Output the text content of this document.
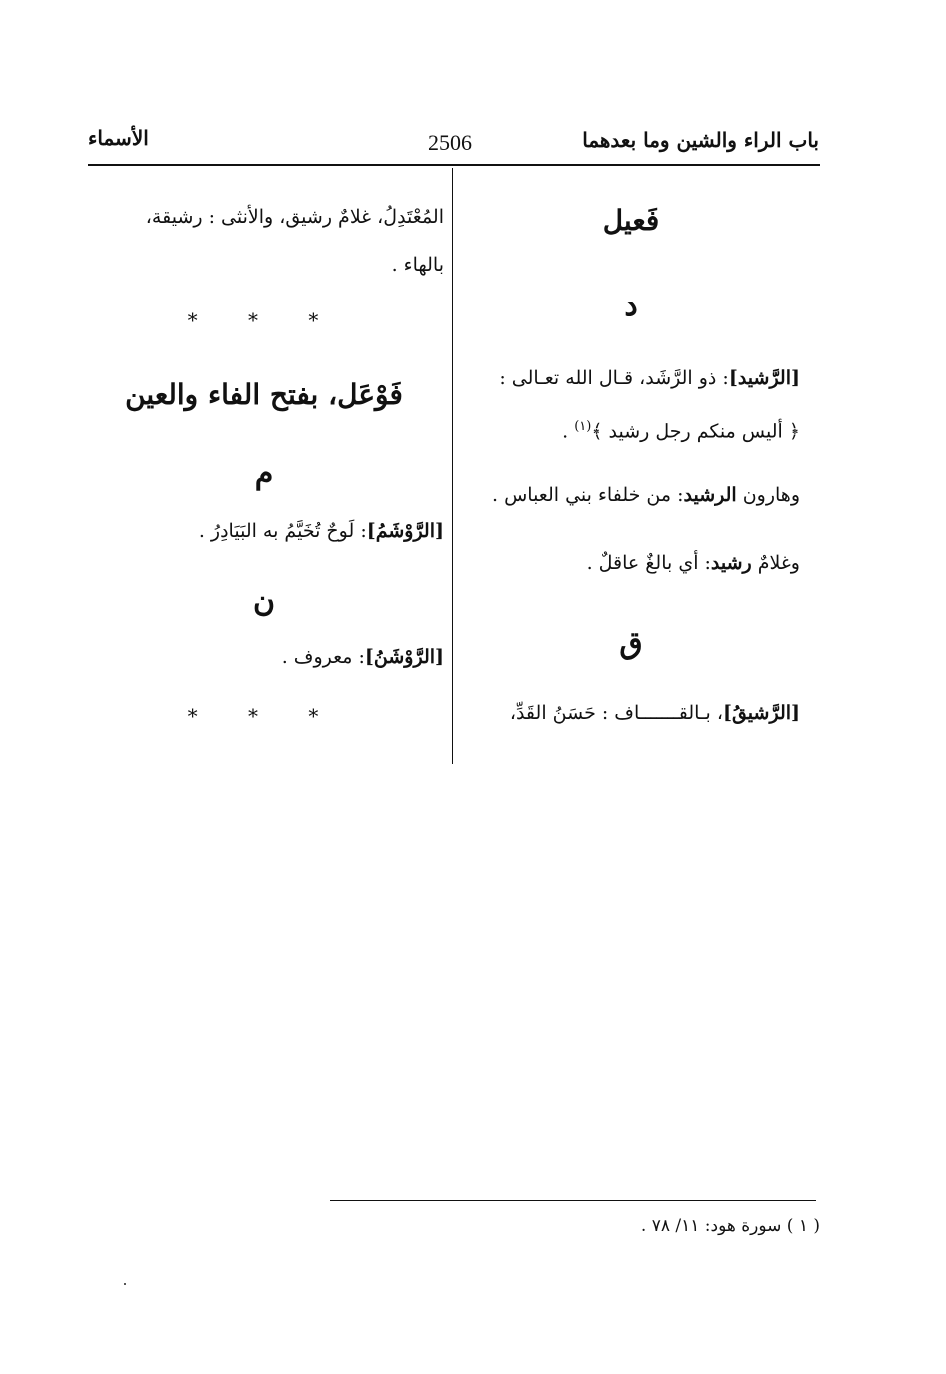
باب الراء والشين وما بعدهما
2506
الأسماء
فَعيل
د
[الرَّشيد]: ذو الرَّشَد، قـال الله تعـالى :
﴿ أليس منكم رجل رشيد ﴾$^{(١)}$ .
وهارون الرشيد: من خلفاء بني العباس .
وغلامٌ رشيد: أي بالغٌ عاقلٌ .
ق
[الرَّشيقُ]، بـالقـــــــاف : حَسَنُ القَدِّ،
المُعْتَدِلُ، غلامٌ رشيق، والأنثى : رشيقة،
بالهاء .
* * *
فَوْعَل، بفتح الفاء والعين
م
[الرَّوْشَمُ]: لَوحٌ تُخَيَّمُ به البَيَادِرُ .
ن
[الرَّوْشَنُ]: معروف .
* * *
( ١ ) سورة هود: ١١/ ٧٨ .
